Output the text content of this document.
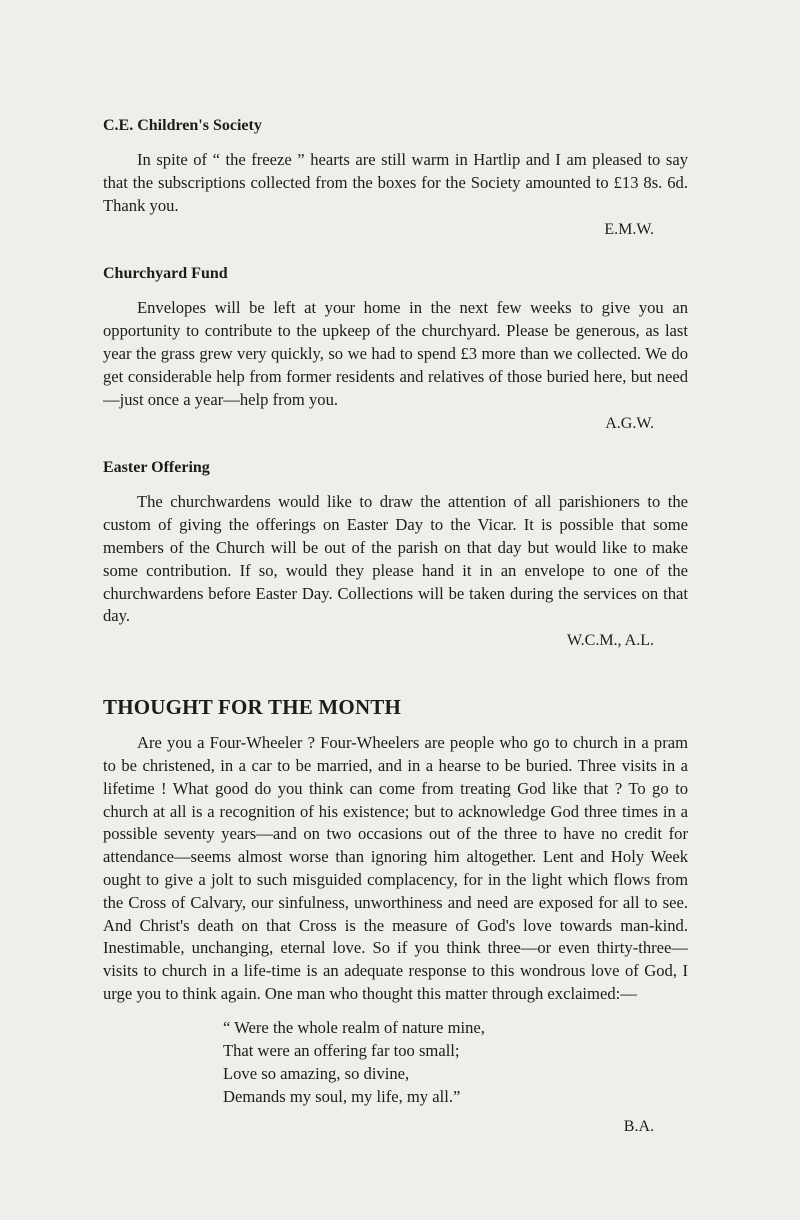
C.E. Children's Society

In spite of “ the freeze ” hearts are still warm in Hartlip and I am pleased to say that the subscriptions collected from the boxes for the Society amounted to £13 8s. 6d. Thank you.

E.M.W.
Churchyard Fund

Envelopes will be left at your home in the next few weeks to give you an opportunity to contribute to the upkeep of the churchyard. Please be generous, as last year the grass grew very quickly, so we had to spend £3 more than we collected. We do get considerable help from former residents and relatives of those buried here, but need—just once a year—help from you.

A.G.W.
Easter Offering

The churchwardens would like to draw the attention of all parishioners to the custom of giving the offerings on Easter Day to the Vicar. It is possible that some members of the Church will be out of the parish on that day but would like to make some contribution. If so, would they please hand it in an envelope to one of the churchwardens before Easter Day. Collections will be taken during the services on that day.

W.C.M., A.L.
THOUGHT FOR THE MONTH

Are you a Four-Wheeler ? Four-Wheelers are people who go to church in a pram to be christened, in a car to be married, and in a hearse to be buried. Three visits in a lifetime ! What good do you think can come from treating God like that ? To go to church at all is a recognition of his existence; but to acknowledge God three times in a possible seventy years—and on two occasions out of the three to have no credit for attendance—seems almost worse than ignoring him altogether. Lent and Holy Week ought to give a jolt to such misguided complacency, for in the light which flows from the Cross of Calvary, our sinfulness, unworthiness and need are exposed for all to see. And Christ's death on that Cross is the measure of God's love towards man-kind. Inestimable, unchanging, eternal love. So if you think three—or even thirty-three—visits to church in a life-time is an adequate response to this wondrous love of God, I urge you to think again. One man who thought this matter through exclaimed:—

“ Were the whole realm of nature mine,
That were an offering far too small;
Love so amazing, so divine,
Demands my soul, my life, my all.”
B.A.
